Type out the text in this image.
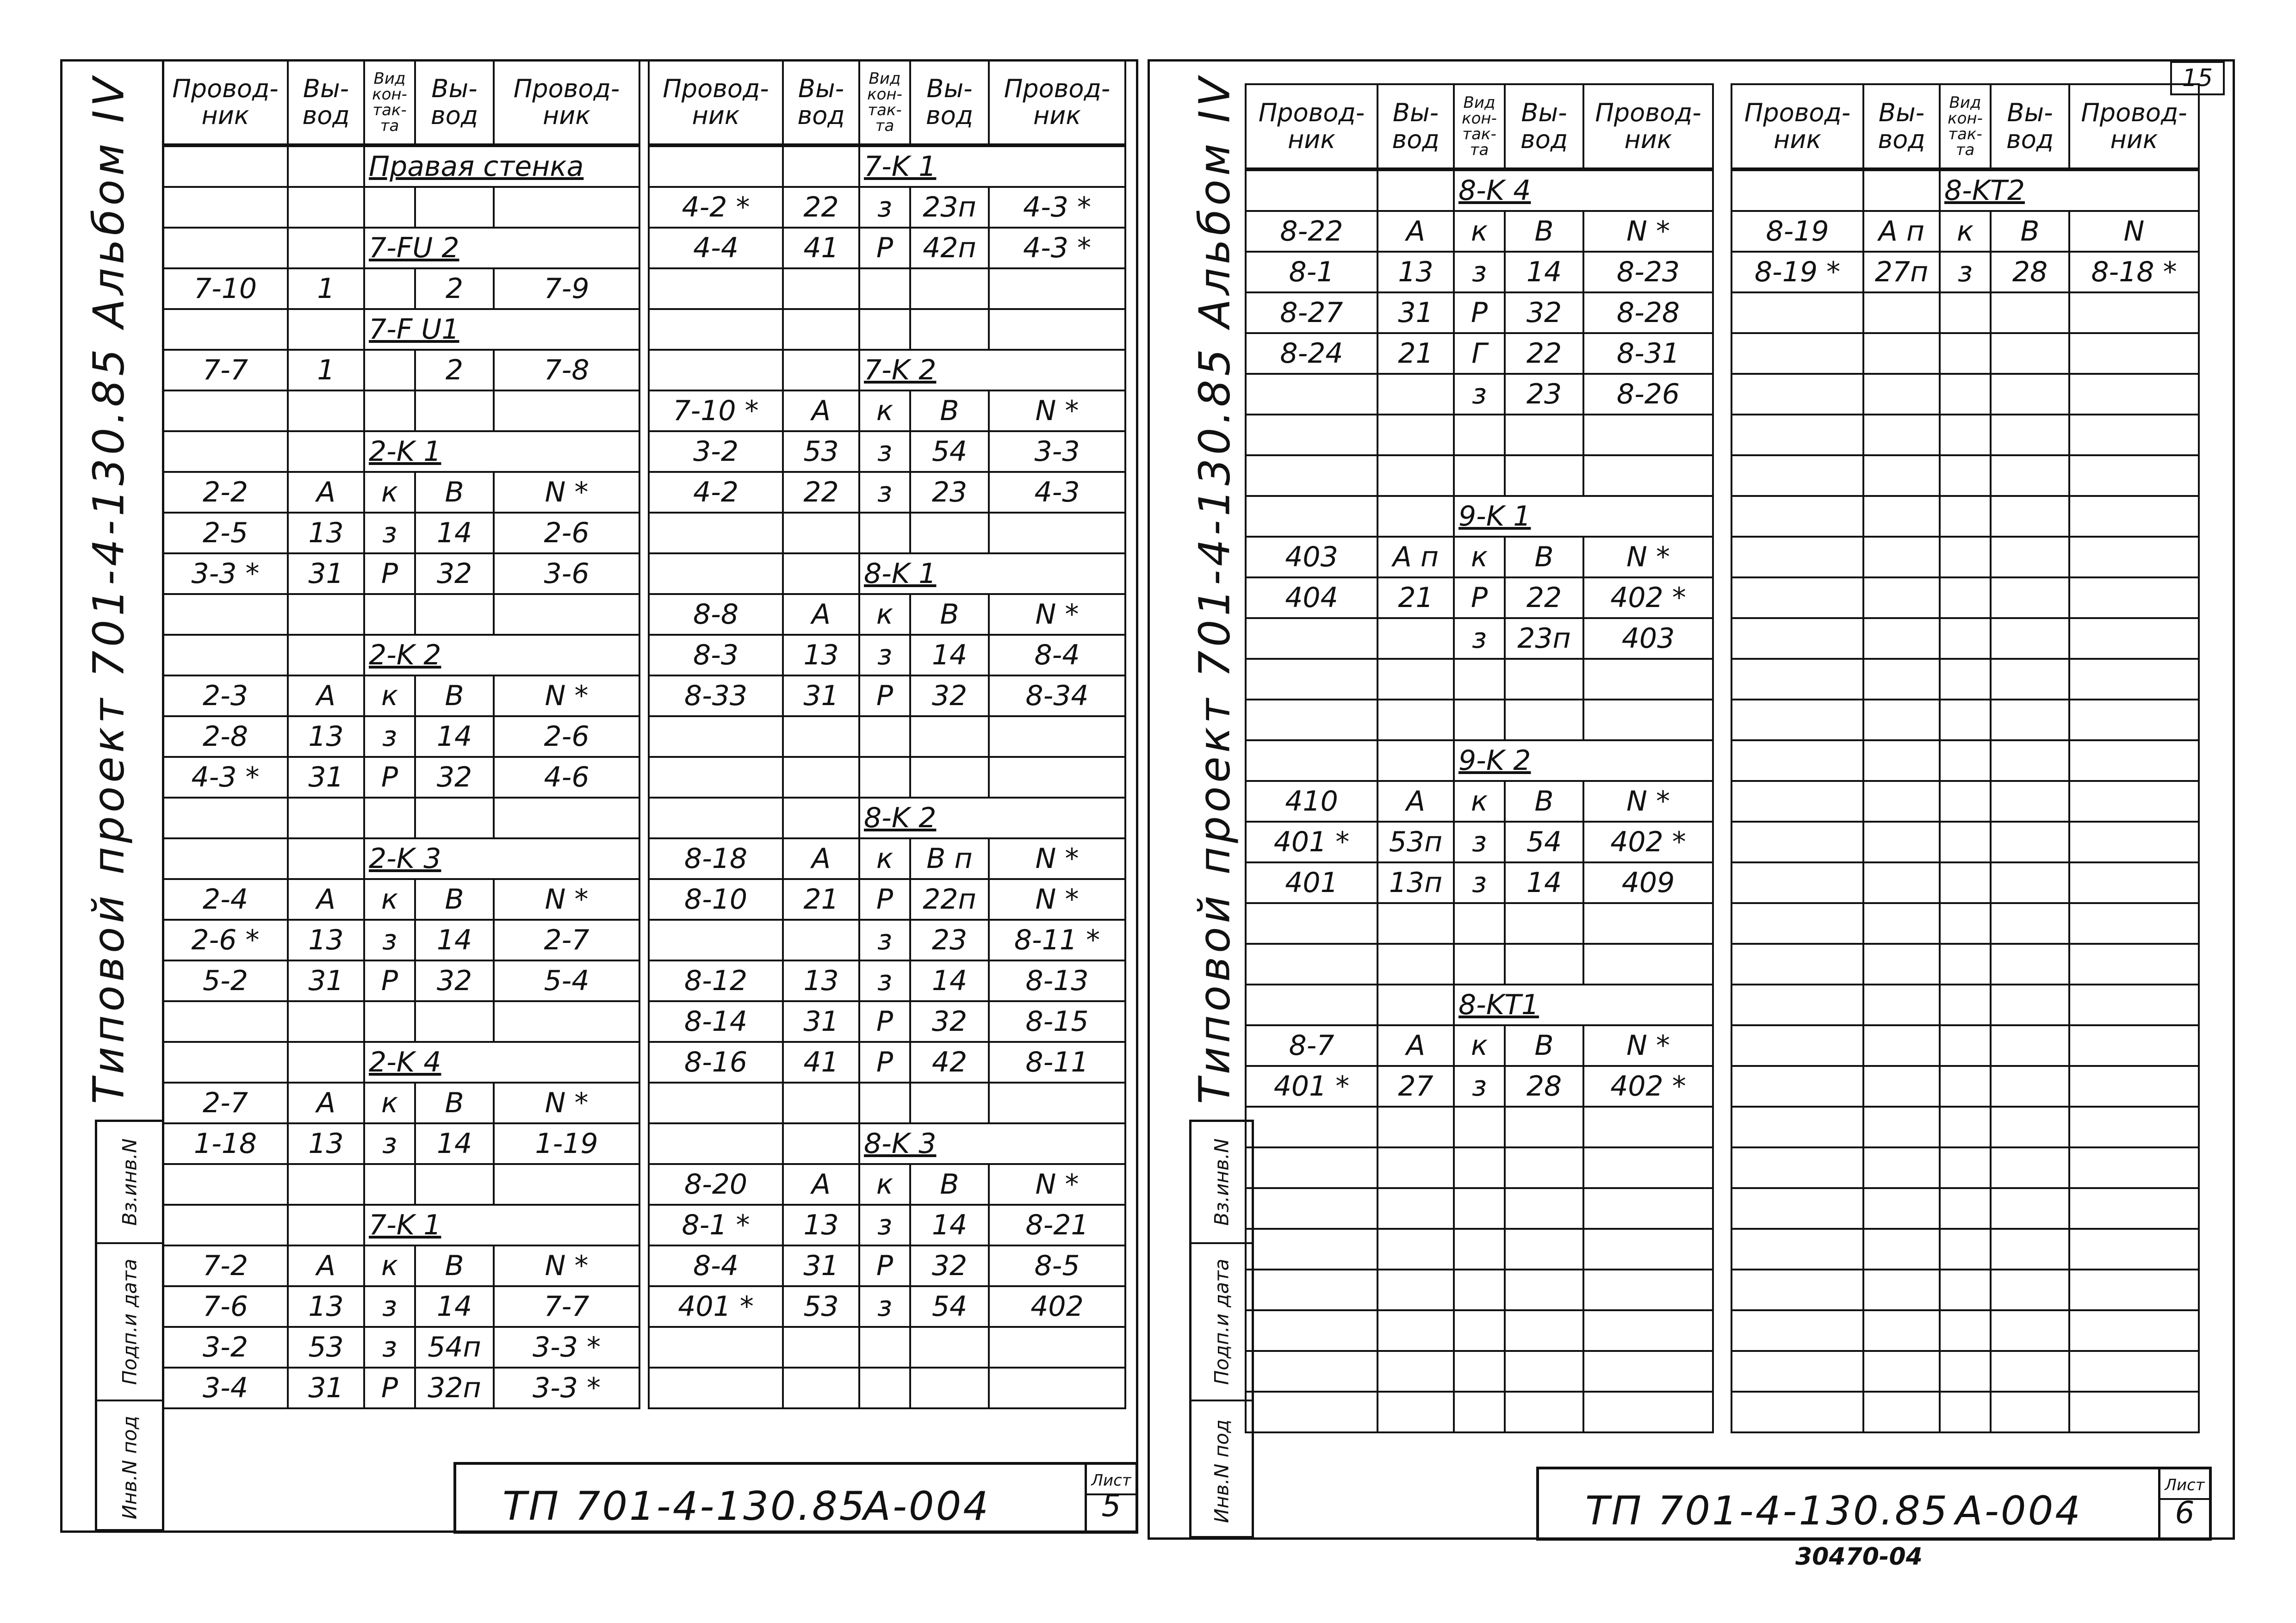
15
Типовой проект 701-4-130.85 Альбом IV
Вз.инв.N
Подп.и дата
Инв.N под
Провод-ник	Вы-вод	Вид кон-так-та	Вы-вод	Провод-ник
		Правая стенка		

		7-FU 2		
7-10	1		2	7-9
		7-F U1		
7-7	1		2	7-8

		2-K 1		
2-2	А	к	В	N *
2-5	13	з	14	2-6
3-3 *	31	Р	32	3-6

		2-K 2		
2-3	А	к	В	N *
2-8	13	з	14	2-6
4-3 *	31	Р	32	4-6

		2-K 3		
2-4	А	к	В	N *
2-6 *	13	з	14	2-7
5-2	31	Р	32	5-4

		2-K 4		
2-7	А	к	В	N *
1-18	13	з	14	1-19

		7-K 1		
7-2	А	к	В	N *
7-6	13	з	14	7-7
3-2	53	з	54п	3-3 *
3-4	31	Р	32п	3-3 *
Провод-ник	Вы-вод	Вид кон-так-та	Вы-вод	Провод-ник
		7-K 1		
4-2 *	22	з	23п	4-3 *
4-4	41	Р	42п	4-3 *

		7-K 2		
7-10 *	А	к	В	N *
3-2	53	з	54	3-3
4-2	22	з	23	4-3

		8-K 1		
8-8	А	к	В	N *
8-3	13	з	14	8-4
8-33	31	Р	32	8-34

		8-K 2		
8-18	А	к	В п	N *
8-10	21	Р	22п	N *
		з	23	8-11 *
8-12	13	з	14	8-13
8-14	31	Р	32	8-15
8-16	41	Р	42	8-11

		8-K 3		
8-20	А	к	В	N *
8-1 *	13	з	14	8-21
8-4	31	Р	32	8-5
401 *	53	з	54	402

ТП 701-4-130.85
А-004
Лист
5
Типовой проект 701-4-130.85 Альбом IV
Вз.инв.N
Подп.и дата
Инв.N под
Провод-ник	Вы-вод	Вид кон-так-та	Вы-вод	Провод-ник
		8-K 4		
8-22	А	к	В	N *
8-1	13	з	14	8-23
8-27	31	Р	32	8-28
8-24	21	Г	22	8-31
		з	23	8-26

		9-K 1		
403	А п	к	В	N *
404	21	Р	22	402 *
		з	23п	403

		9-K 2		
410	А	к	В	N *
401 *	53п	з	54	402 *
401	13п	з	14	409

		8-KT1		
8-7	А	к	В	N *
401 *	27	з	28	402 *

Провод-ник	Вы-вод	Вид кон-так-та	Вы-вод	Провод-ник
		8-KT2		
8-19	А п	к	В	N
8-19 *	27п	з	28	8-18 *

ТП 701-4-130.85 А-004
Лист
6
30470-04
